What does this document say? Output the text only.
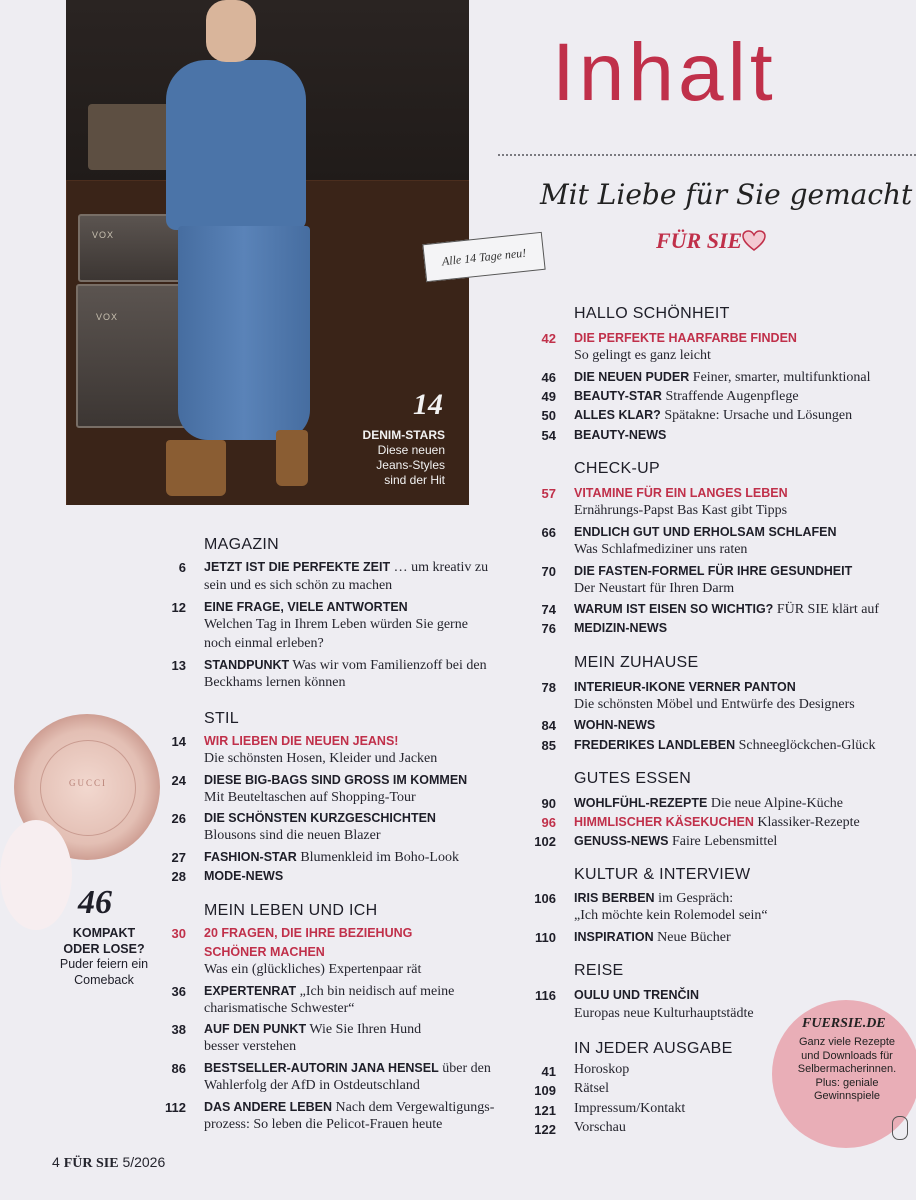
VOX
VOX
14
DENIM-STARS
Diese neuen
Jeans-Styles
sind der Hit
Alle 14 Tage neu!
Inhalt
Mit Liebe für Sie gemacht
FÜR SIE
MAGAZIN
6 JETZT IST DIE PERFEKTE ZEIT … um kreativ zu
sein und es sich schön zu machen
12 EINE FRAGE, VIELE ANTWORTEN
Welchen Tag in Ihrem Leben würden Sie gerne
noch einmal erleben?
13 STANDPUNKT Was wir vom Familienzoff bei den
Beckhams lernen können
STIL
14 WIR LIEBEN DIE NEUEN JEANS!
Die schönsten Hosen, Kleider und Jacken
24 DIESE BIG-BAGS SIND GROSS IM KOMMEN
Mit Beuteltaschen auf Shopping-Tour
26 DIE SCHÖNSTEN KURZGESCHICHTEN
Blousons sind die neuen Blazer
27 FASHION-STAR Blumenkleid im Boho-Look
28 MODE-NEWS
MEIN LEBEN UND ICH
30 20 FRAGEN, DIE IHRE BEZIEHUNG
SCHÖNER MACHEN
Was ein (glückliches) Expertenpaar rät
36 EXPERTENRAT „Ich bin neidisch auf meine
charismatische Schwester“
38 AUF DEN PUNKT Wie Sie Ihren Hund
besser verstehen
86 BESTSELLER-AUTORIN JANA HENSEL über den
Wahlerfolg der AfD in Ostdeutschland
112 DAS ANDERE LEBEN Nach dem Vergewaltigungs-
prozess: So leben die Pelicot-Frauen heute
HALLO SCHÖNHEIT
42 DIE PERFEKTE HAARFARBE FINDEN
So gelingt es ganz leicht
46 DIE NEUEN PUDER Feiner, smarter, multifunktional
49 BEAUTY-STAR Straffende Augenpflege
50 ALLES KLAR? Spätakne: Ursache und Lösungen
54 BEAUTY-NEWS
CHECK-UP
57 VITAMINE FÜR EIN LANGES LEBEN
Ernährungs-Papst Bas Kast gibt Tipps
66 ENDLICH GUT UND ERHOLSAM SCHLAFEN
Was Schlafmediziner uns raten
70 DIE FASTEN-FORMEL FÜR IHRE GESUNDHEIT
Der Neustart für Ihren Darm
74 WARUM IST EISEN SO WICHTIG? FÜR SIE klärt auf
76 MEDIZIN-NEWS
MEIN ZUHAUSE
78 INTERIEUR-IKONE VERNER PANTON
Die schönsten Möbel und Entwürfe des Designers
84 WOHN-NEWS
85 FREDERIKES LANDLEBEN Schneeglöckchen-Glück
GUTES ESSEN
90 WOHLFÜHL-REZEPTE Die neue Alpine-Küche
96 HIMMLISCHER KÄSEKUCHEN Klassiker-Rezepte
102 GENUSS-NEWS Faire Lebensmittel
KULTUR & INTERVIEW
106 IRIS BERBEN im Gespräch:
„Ich möchte kein Rolemodel sein“
110 INSPIRATION Neue Bücher
REISE
116 OULU UND TRENČIN
Europas neue Kulturhauptstädte
IN JEDER AUSGABE
41 Horoskop
109 Rätsel
121 Impressum/Kontakt
122 Vorschau
GUCCI
46
KOMPAKT
ODER LOSE?
Puder feiern ein
Comeback
FUERSIE.DE
Ganz viele Rezepte
und Downloads für
Selbermacherinnen.
Plus: geniale
Gewinnspiele
4 FÜR SIE 5/2026
